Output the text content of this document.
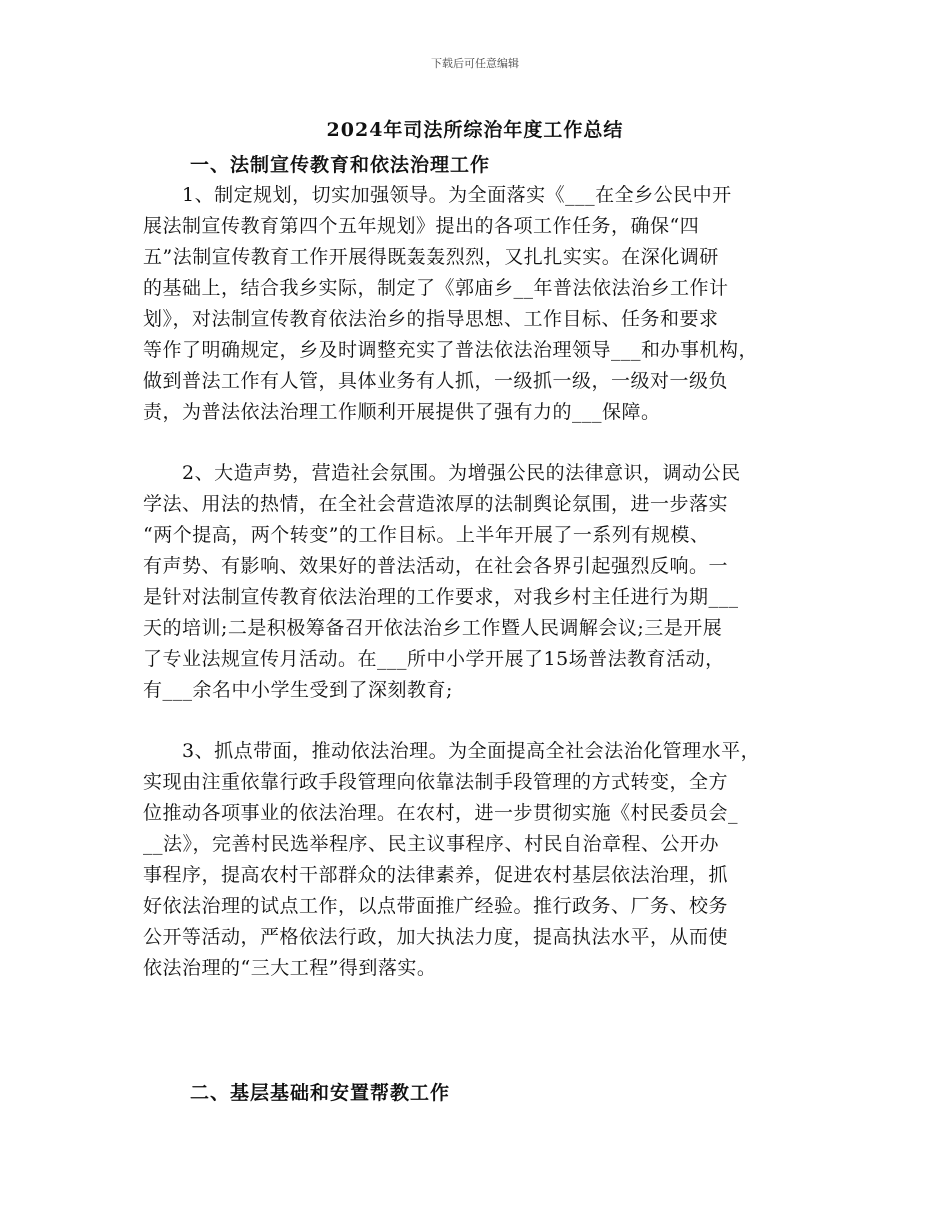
下载后可任意编辑
2024年司法所综治年度工作总结
一、法制宣传教育和依法治理工作
　　1、制定规划，切实加强领导。为全面落实《___在全乡公民中开
展法制宣传教育第四个五年规划》提出的各项工作任务，确保“四
五”法制宣传教育工作开展得既轰轰烈烈，又扎扎实实。在深化调研
的基础上，结合我乡实际，制定了《郭庙乡__年普法依法治乡工作计
划》，对法制宣传教育依法治乡的指导思想、工作目标、任务和要求
等作了明确规定，乡及时调整充实了普法依法治理领导___和办事机构，
做到普法工作有人管，具体业务有人抓，一级抓一级，一级对一级负
责，为普法依法治理工作顺利开展提供了强有力的___保障。
　　2、大造声势，营造社会氛围。为增强公民的法律意识，调动公民
学法、用法的热情，在全社会营造浓厚的法制舆论氛围，进一步落实
“两个提高，两个转变”的工作目标。上半年开展了一系列有规模、
有声势、有影响、效果好的普法活动，在社会各界引起强烈反响。一
是针对法制宣传教育依法治理的工作要求，对我乡村主任进行为期___
天的培训;二是积极筹备召开依法治乡工作暨人民调解会议;三是开展
了专业法规宣传月活动。在___所中小学开展了15场普法教育活动，
有___余名中小学生受到了深刻教育;
　　3、抓点带面，推动依法治理。为全面提高全社会法治化管理水平，
实现由注重依靠行政手段管理向依靠法制手段管理的方式转变，全方
位推动各项事业的依法治理。在农村，进一步贯彻实施《村民委员会_
__法》，完善村民选举程序、民主议事程序、村民自治章程、公开办
事程序，提高农村干部群众的法律素养，促进农村基层依法治理，抓
好依法治理的试点工作，以点带面推广经验。推行政务、厂务、校务
公开等活动，严格依法行政，加大执法力度，提高执法水平，从而使
依法治理的“三大工程”得到落实。
二、基层基础和安置帮教工作
